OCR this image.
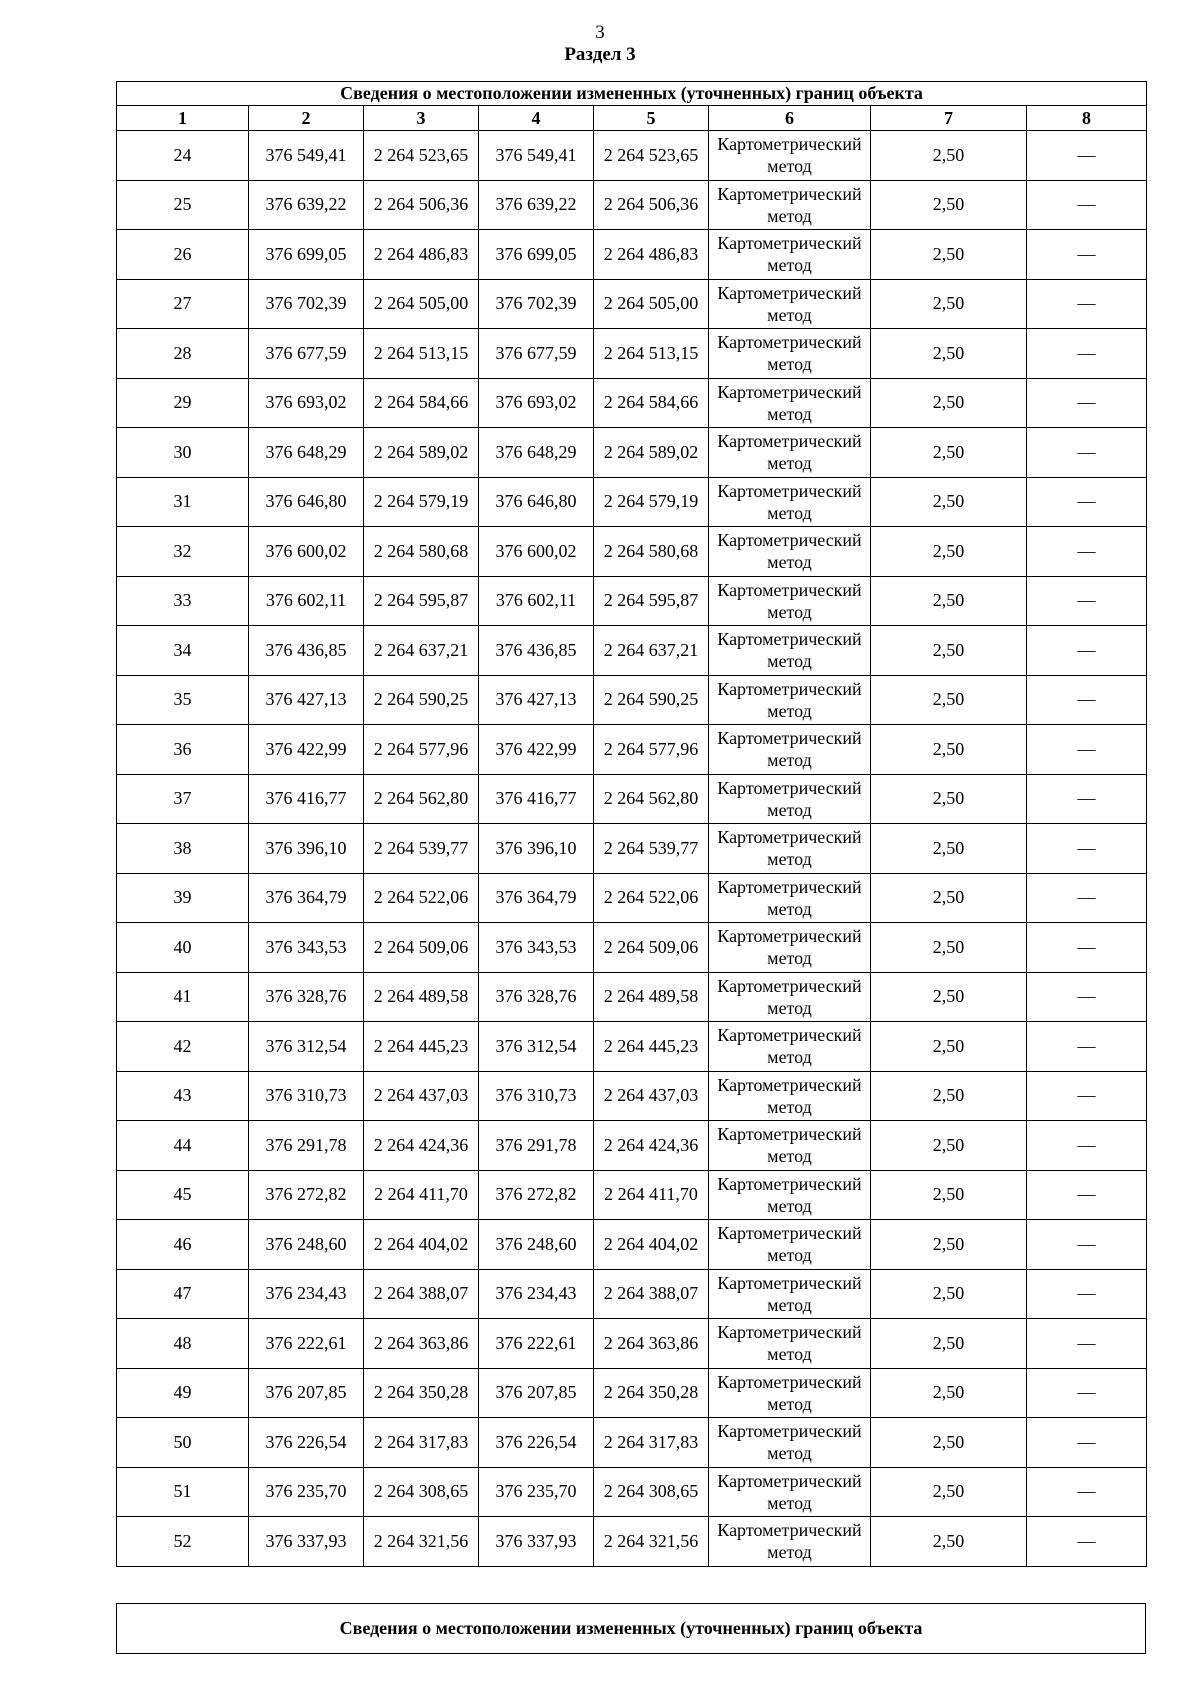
3
Раздел 3
Сведения о местоположении измененных (уточненных) границ объекта							
1	2	3	4	5	6	7	8
24	376 549,41	2 264 523,65	376 549,41	2 264 523,65	Картометрический метод	2,50	—
25	376 639,22	2 264 506,36	376 639,22	2 264 506,36	Картометрический метод	2,50	—
26	376 699,05	2 264 486,83	376 699,05	2 264 486,83	Картометрический метод	2,50	—
27	376 702,39	2 264 505,00	376 702,39	2 264 505,00	Картометрический метод	2,50	—
28	376 677,59	2 264 513,15	376 677,59	2 264 513,15	Картометрический метод	2,50	—
29	376 693,02	2 264 584,66	376 693,02	2 264 584,66	Картометрический метод	2,50	—
30	376 648,29	2 264 589,02	376 648,29	2 264 589,02	Картометрический метод	2,50	—
31	376 646,80	2 264 579,19	376 646,80	2 264 579,19	Картометрический метод	2,50	—
32	376 600,02	2 264 580,68	376 600,02	2 264 580,68	Картометрический метод	2,50	—
33	376 602,11	2 264 595,87	376 602,11	2 264 595,87	Картометрический метод	2,50	—
34	376 436,85	2 264 637,21	376 436,85	2 264 637,21	Картометрический метод	2,50	—
35	376 427,13	2 264 590,25	376 427,13	2 264 590,25	Картометрический метод	2,50	—
36	376 422,99	2 264 577,96	376 422,99	2 264 577,96	Картометрический метод	2,50	—
37	376 416,77	2 264 562,80	376 416,77	2 264 562,80	Картометрический метод	2,50	—
38	376 396,10	2 264 539,77	376 396,10	2 264 539,77	Картометрический метод	2,50	—
39	376 364,79	2 264 522,06	376 364,79	2 264 522,06	Картометрический метод	2,50	—
40	376 343,53	2 264 509,06	376 343,53	2 264 509,06	Картометрический метод	2,50	—
41	376 328,76	2 264 489,58	376 328,76	2 264 489,58	Картометрический метод	2,50	—
42	376 312,54	2 264 445,23	376 312,54	2 264 445,23	Картометрический метод	2,50	—
43	376 310,73	2 264 437,03	376 310,73	2 264 437,03	Картометрический метод	2,50	—
44	376 291,78	2 264 424,36	376 291,78	2 264 424,36	Картометрический метод	2,50	—
45	376 272,82	2 264 411,70	376 272,82	2 264 411,70	Картометрический метод	2,50	—
46	376 248,60	2 264 404,02	376 248,60	2 264 404,02	Картометрический метод	2,50	—
47	376 234,43	2 264 388,07	376 234,43	2 264 388,07	Картометрический метод	2,50	—
48	376 222,61	2 264 363,86	376 222,61	2 264 363,86	Картометрический метод	2,50	—
49	376 207,85	2 264 350,28	376 207,85	2 264 350,28	Картометрический метод	2,50	—
50	376 226,54	2 264 317,83	376 226,54	2 264 317,83	Картометрический метод	2,50	—
51	376 235,70	2 264 308,65	376 235,70	2 264 308,65	Картометрический метод	2,50	—
52	376 337,93	2 264 321,56	376 337,93	2 264 321,56	Картометрический метод	2,50	—
Сведения о местоположении измененных (уточненных) границ объекта
